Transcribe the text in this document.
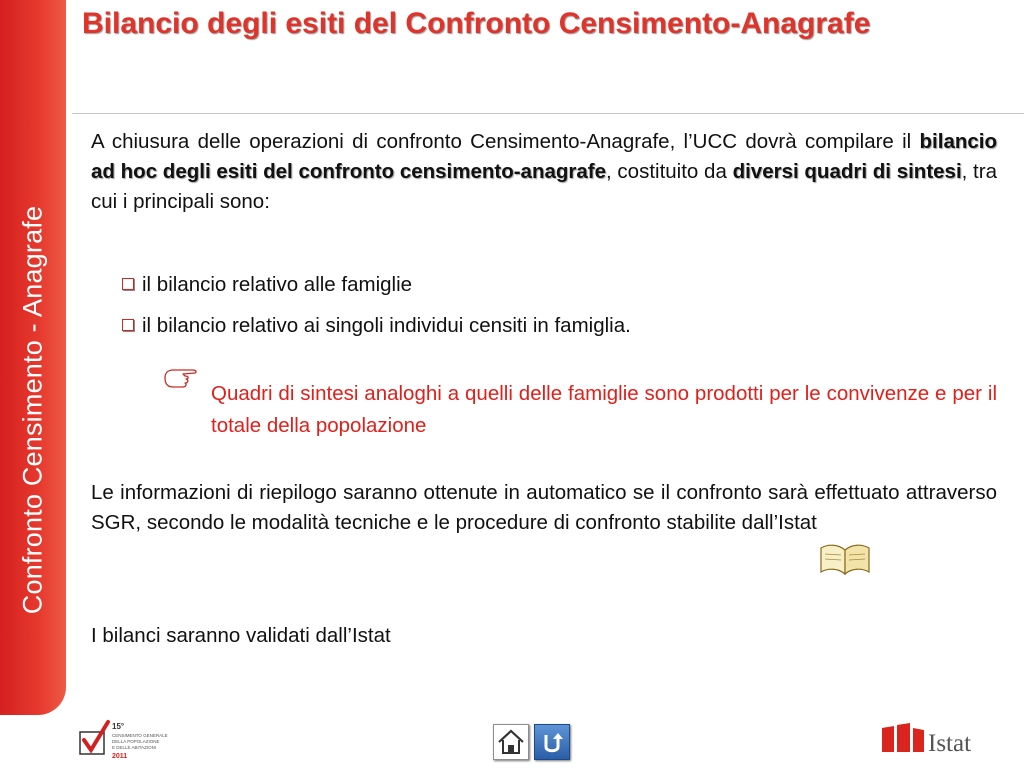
Confronto Censimento - Anagrafe
Bilancio degli esiti del Confronto Censimento-Anagrafe
A chiusura delle operazioni di confronto Censimento-Anagrafe, l’UCC dovrà compilare il bilancio ad hoc degli esiti del confronto censimento-anagrafe, costituito da diversi quadri di sintesi, tra cui i principali sono:
il bilancio relativo alle famiglie
il bilancio relativo ai singoli individui censiti in famiglia.
Quadri di sintesi analoghi a quelli delle famiglie sono prodotti per le convivenze e per il totale della popolazione
Le informazioni di riepilogo saranno ottenute in automatico se il confronto sarà effettuato attraverso SGR, secondo le modalità tecniche e le procedure di confronto stabilite dall’Istat
I bilanci saranno validati dall’Istat
15°
CENSIMENTO GENERALE
DELLA POPOLAZIONE
E DELLE ABITAZIONI
2011	Istat
